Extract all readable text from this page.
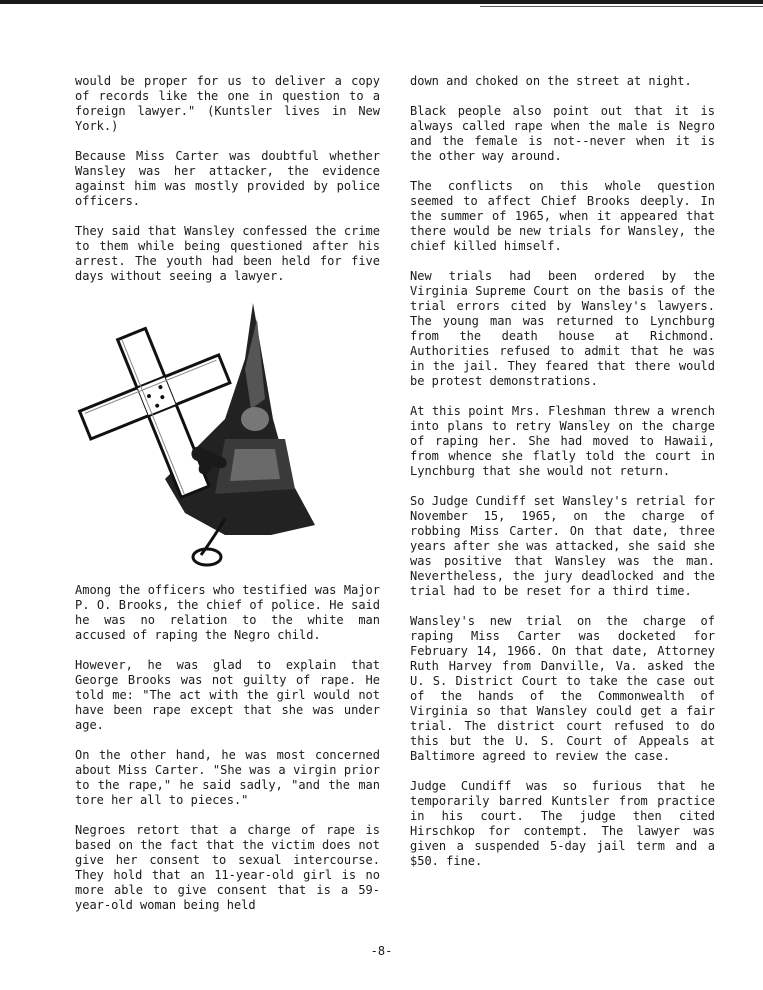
would be proper for us to deliver a copy of records like the one in question to a foreign lawyer." (Kuntsler lives in New York.)

Because Miss Carter was doubtful whether Wansley was her attacker, the evidence against him was mostly provided by police officers.

They said that Wansley confessed the crime to them while being questioned after his arrest. The youth had been held for five days without seeing a lawyer.

Among the officers who testified was Major P. O. Brooks, the chief of police. He said he was no relation to the white man accused of raping the Negro child.

However, he was glad to explain that George Brooks was not guilty of rape. He told me: "The act with the girl would not have been rape except that she was under age.

On the other hand, he was most concerned about Miss Carter. "She was a virgin prior to the rape," he said sadly, "and the man tore her all to pieces."

Negroes retort that a charge of rape is based on the fact that the victim does not give her consent to sexual intercourse. They hold that an 11-year-old girl is no more able to give consent that is a 59-year-old woman being held

down and choked on the street at night.

Black people also point out that it is always called rape when the male is Negro and the female is not--never when it is the other way around.

The conflicts on this whole question seemed to affect Chief Brooks deeply. In the summer of 1965, when it appeared that there would be new trials for Wansley, the chief killed himself.

New trials had been ordered by the Virginia Supreme Court on the basis of the trial errors cited by Wansley's lawyers. The young man was returned to Lynchburg from the death house at Richmond. Authorities refused to admit that he was in the jail. They feared that there would be protest demonstrations.

At this point Mrs. Fleshman threw a wrench into plans to retry Wansley on the charge of raping her. She had moved to Hawaii, from whence she flatly told the court in Lynchburg that she would not return.

So Judge Cundiff set Wansley's retrial for November 15, 1965, on the charge of robbing Miss Carter. On that date, three years after she was attacked, she said she was positive that Wansley was the man. Nevertheless, the jury deadlocked and the trial had to be reset for a third time.

Wansley's new trial on the charge of raping Miss Carter was docketed for February 14, 1966. On that date, Attorney Ruth Harvey from Danville, Va. asked the U. S. District Court to take the case out of the hands of the Commonwealth of Virginia so that Wansley could get a fair trial. The district court refused to do this but the U. S. Court of Appeals at Baltimore agreed to review the case.

Judge Cundiff was so furious that he temporarily barred Kuntsler from practice in his court. The judge then cited Hirschkop for contempt. The lawyer was given a suspended 5-day jail term and a $50. fine.

-8-
